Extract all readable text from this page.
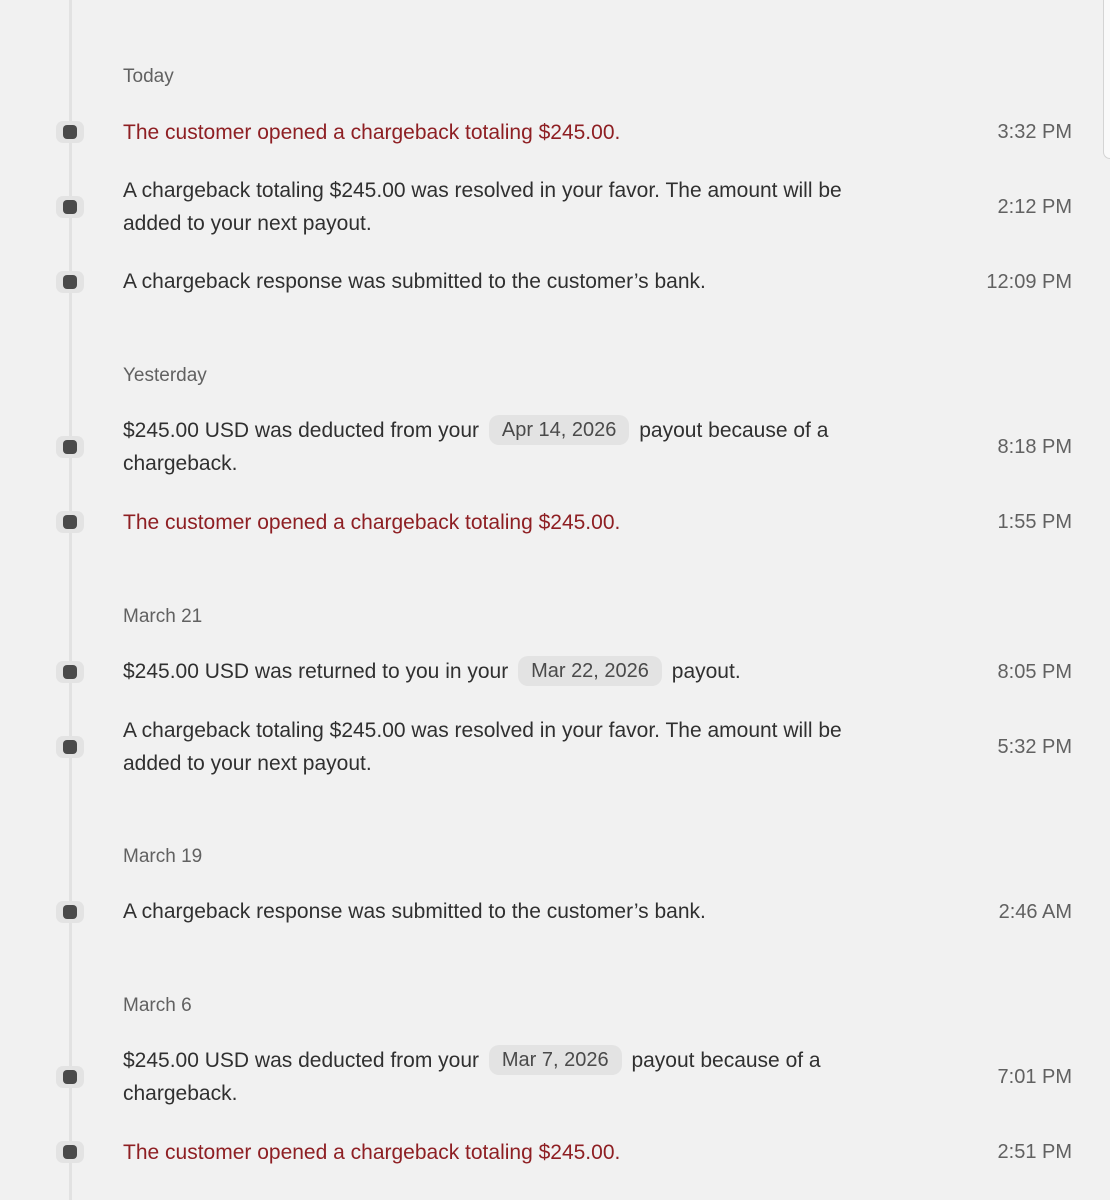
Today
The customer opened a chargeback totaling $245.00.	3:32 PM
A chargeback totaling $245.00 was resolved in your favor. The amount will be
added to your next payout.
2:12 PM
A chargeback response was submitted to the customer’s bank.	12:09 PM
Yesterday
$245.00 USD was deducted from your Apr 14, 2026 payout because of a
chargeback.
8:18 PM
The customer opened a chargeback totaling $245.00.	1:55 PM
March 21
$245.00 USD was returned to you in your Mar 22, 2026 payout.	8:05 PM
A chargeback totaling $245.00 was resolved in your favor. The amount will be
added to your next payout.
5:32 PM
March 19
A chargeback response was submitted to the customer’s bank.	2:46 AM
March 6
$245.00 USD was deducted from your Mar 7, 2026 payout because of a
chargeback.
7:01 PM
The customer opened a chargeback totaling $245.00.	2:51 PM
